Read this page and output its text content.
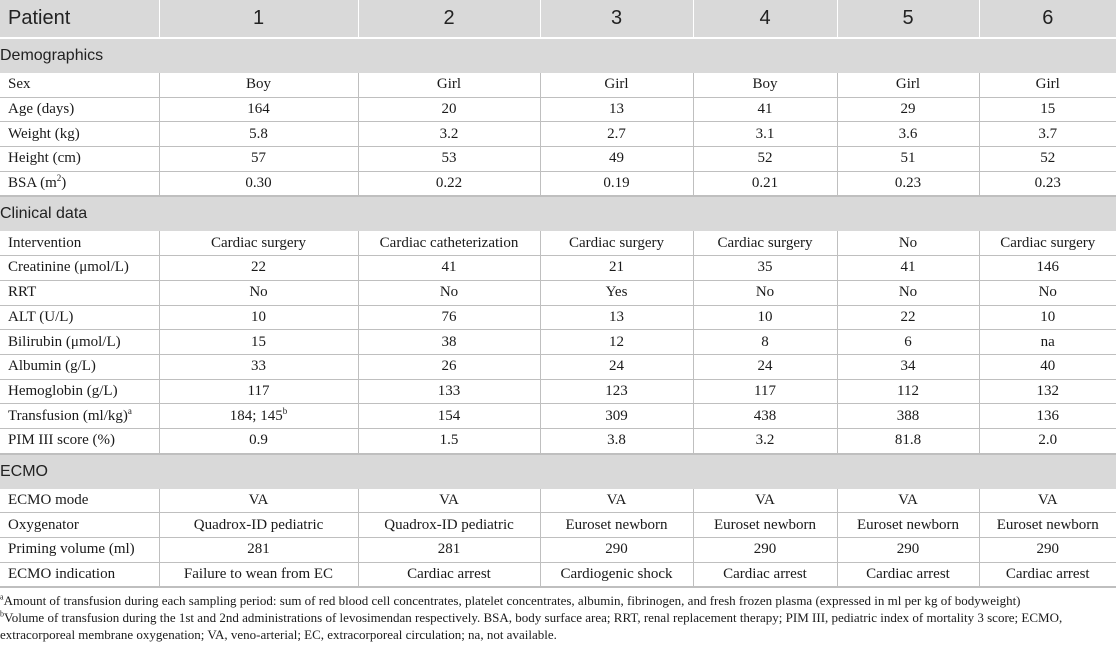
Patient	1	2	3	4	5	6
Demographics						
Sex	Boy	Girl	Girl	Boy	Girl	Girl
Age (days)	164	20	13	41	29	15
Weight (kg)	5.8	3.2	2.7	3.1	3.6	3.7
Height (cm)	57	53	49	52	51	52
BSA $(m^2)$	0.30	0.22	0.19	0.21	0.23	0.23
Clinical data						
Intervention	Cardiac surgery	Cardiac catheterization	Cardiac surgery	Cardiac surgery	No	Cardiac surgery
Creatinine (μmol/L)	22	41	21	35	41	146
RRT	No	No	Yes	No	No	No
ALT (U/L)	10	76	13	10	22	10
Bilirubin (μmol/L)	15	38	12	8	6	na
Albumin (g/L)	33	26	24	24	34	40
Hemoglobin (g/L)	117	133	123	117	112	132
Transfusion $(ml/kg)^a$	184; 145$^b$	154	309	438	388	136
PIM III score (%)	0.9	1.5	3.8	3.2	81.8	2.0
ECMO						
ECMO mode	VA	VA	VA	VA	VA	VA
Oxygenator	Quadrox-ID pediatric	Quadrox-ID pediatric	Euroset newborn	Euroset newborn	Euroset newborn	Euroset newborn
Priming volume (ml)	281	281	290	290	290	290
ECMO indication	Failure to wean from EC	Cardiac arrest	Cardiogenic shock	Cardiac arrest	Cardiac arrest	Cardiac arrest

$^a$Amount of transfusion during each sampling period: sum of red blood cell concentrates, platelet concentrates, albumin, fibrinogen, and fresh frozen plasma (expressed in ml per kg of bodyweight)

$^b$Volume of transfusion during the 1st and 2nd administrations of levosimendan respectively. BSA, body surface area; RRT, renal replacement therapy; PIM III, pediatric index of mortality 3 score; ECMO, extracorporeal membrane oxygenation; VA, veno-arterial; EC, extracorporeal circulation; na, not available.
